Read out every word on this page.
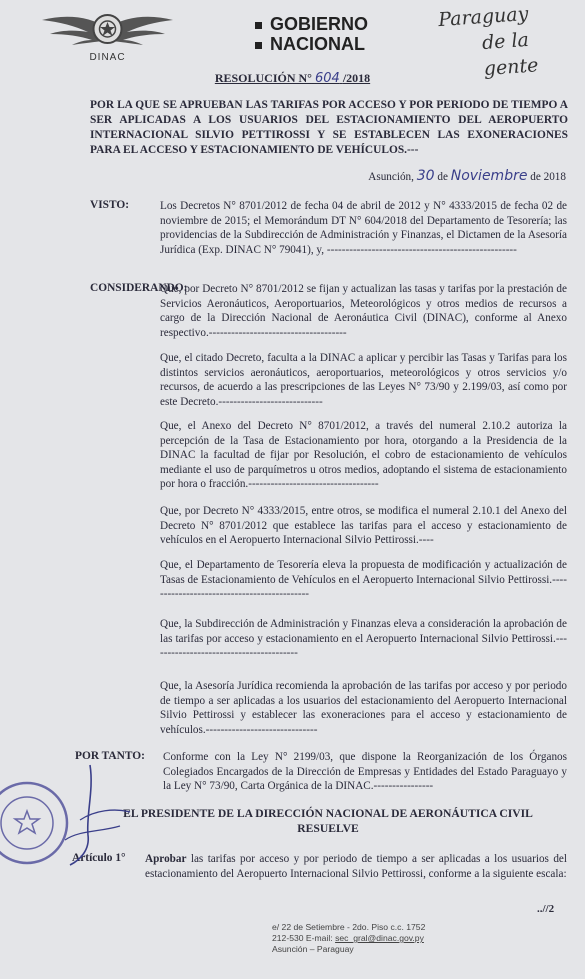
DINAC
GOBIERNO
NACIONAL
Paraguay
de la gente
RESOLUCIÓN N° 604 /2018
POR LA QUE SE APRUEBAN LAS TARIFAS POR ACCESO Y POR PERIODO DE TIEMPO A SER APLICADAS A LOS USUARIOS DEL ESTACIONAMIENTO DEL AEROPUERTO INTERNACIONAL SILVIO PETTIROSSI Y SE ESTABLECEN LAS EXONERACIONES PARA EL ACCESO Y ESTACIONAMIENTO DE VEHÍCULOS.---
Asunción, 30 de Noviembre de 2018
VISTO:	Los Decretos N° 8701/2012 de fecha 04 de abril de 2012 y N° 4333/2015 de fecha 02 de noviembre de 2015; el Memorándum DT N° 604/2018 del Departamento de Tesorería; las providencias de la Subdirección de Administración y Finanzas, el Dictamen de la Asesoría Jurídica (Exp. DINAC N° 79041), y, ---------------------------------------------------
CONSIDERANDO:
Que, por Decreto N° 8701/2012 se fijan y actualizan las tasas y tarifas por la prestación de Servicios Aeronáuticos, Aeroportuarios, Meteorológicos y otros medios de recursos a cargo de la Dirección Nacional de Aeronáutica Civil (DINAC), conforme al Anexo respectivo.-------------------------------------
Que, el citado Decreto, faculta a la DINAC a aplicar y percibir las Tasas y Tarifas para los distintos servicios aeronáuticos, aeroportuarios, meteorológicos y otros servicios y/o recursos, de acuerdo a las prescripciones de las Leyes N° 73/90 y 2.199/03, así como por este Decreto.----------------------------
Que, el Anexo del Decreto N° 8701/2012, a través del numeral 2.10.2 autoriza la percepción de la Tasa de Estacionamiento por hora, otorgando a la Presidencia de la DINAC la facultad de fijar por Resolución, el cobro de estacionamiento de vehículos mediante el uso de parquímetros u otros medios, adoptando el sistema de estacionamiento por hora o fracción.-----------------------------------
Que, por Decreto N° 4333/2015, entre otros, se modifica el numeral 2.10.1 del Anexo del Decreto N° 8701/2012 que establece las tarifas para el acceso y estacionamiento de vehículos en el Aeropuerto Internacional Silvio Pettirossi.----
Que, el Departamento de Tesorería eleva la propuesta de modificación y actualización de Tasas de Estacionamiento de Vehículos en el Aeropuerto Internacional Silvio Pettirossi.--------------------------------------------
Que, la Subdirección de Administración y Finanzas eleva a consideración la aprobación de las tarifas por acceso y estacionamiento en el Aeropuerto Internacional Silvio Pettirossi.----------------------------------------
Que, la Asesoría Jurídica recomienda la aprobación de las tarifas por acceso y por periodo de tiempo a ser aplicadas a los usuarios del estacionamiento del Aeropuerto Internacional Silvio Pettirossi y establecer las exoneraciones para el acceso y estacionamiento de vehículos.------------------------------
POR TANTO: Conforme con la Ley N° 2199/03, que dispone la Reorganización de los Órganos Colegiados Encargados de la Dirección de Empresas y Entidades del Estado Paraguayo y la Ley N° 73/90, Carta Orgánica de la DINAC.----------------
EL PRESIDENTE DE LA DIRECCIÓN NACIONAL DE AERONÁUTICA CIVIL
RESUELVE
Artículo 1° Aprobar las tarifas por acceso y por periodo de tiempo a ser aplicadas a los usuarios del estacionamiento del Aeropuerto Internacional Silvio Pettirossi, conforme a la siguiente escala:
..//2
e/ 22 de Setiembre - 2do. Piso c.c. 1752
212-530 E-mail: sec_gral@dinac.gov.py
Asunción – Paraguay
